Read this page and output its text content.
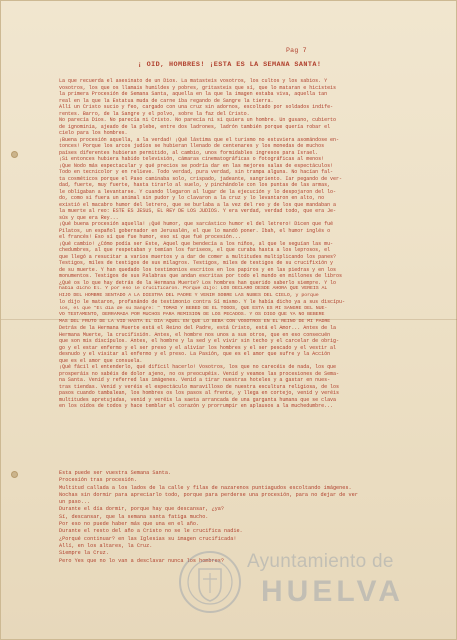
Pag 7
¡ OID, HOMBRES! ¡ESTA ES LA SEMANA SANTA!
La que recuerda el asesinato de un Dios. La matasteis vosotros, los cultos y los sabios. Y
vosotros, los que os llamais humildes y pobres, gritasteis que sí, que lo mataran e hicisteis
la primera Procesión de Semana Santa, aquella en la que la imagen estaba viva, aquella tan
real en la que la Estatua muda de carne iba regando de Sangre la tierra.
Allí un Cristo sucio y feo, cargado con una cruz sin adornos, escoltado por soldados indife-
rentes. Barro, de la Sangre y el polvo, sobre la faz del Cristo.
No parecía Dios. No parecía ni Cristo. No parecía ni si quiera un hombre. Un gusano, cubierto
de ignominia, ajeado de la plebe, entre dos ladrones, ladrón también porque quería robar el
cielo para los hombres.
¡Buena procesión aquella, a la verdad! ¡Qué lástima que el turismo no estuviera asomándose en-
tonces! Porque los arcos judíos se hubieran llenado de centenares y los monedas de muchos
países diferentes hubieran permitido, al cambio, unos formidables ingresos para Israel.
¡Si entonces hubiera habido televisión, cámaras cinematográficas o fotográficas al menos!
¡Que Nodo más espectacular y qué precios se podría dar en las mejores salas de espectáculos!
Todo en tecnicolor y en relieve. Todo verdad, pura verdad, sin trampa alguna. No hacían fal-
ta cosméticos porque el Paso caminaba solo, crispado, jadeante, sangriento. Iar pegando de ver-
dad, fuerte, muy fuerte, hasta tirarlo al suelo, y pinchándole con los puntas de las armas,
le obligaban a levantarse. Y cuando llegaron al lugar de la ejecución y lo despojaron del lo-
do, como si fuera un animal sin pudor y lo clavaron a la cruz y lo levantaron en alto, no
existió el macabro humor del letrero, que se burlaba a la vez del reo y de los que mandaban a
la muerte al reo: ESTE ES JESUS, EL REY DE LOS JUDIOS. Y era verdad, verdad todo, que era Je-
sús y que era Rey...
¡Qué buena procesión aquella! ¡Qué humor, que sarcástico humor el del letrero! Dicen que fué
Pilatos, un español gobernador en Jerusalén, el que lo mandó poner. Ibah, el humor inglés o
el francés! Eso sí que fue humor, eso sí que fué procesión...
¡Qué cambio! ¿Cómo podía ser Este, Aquel que bendecía a los niños, al que le seguían las mu-
chedumbres, al que respetaban y temían los fariseos, el que curaba hasta a los leprosos, el
que llegó a resucitar a varios muertos y a dar de comer a multitudes multiplicando los panes?
Testigos, miles de testigos de sus milagros. Testigos, miles de testigos de su crucifixión y
de su muerte. Y han quedado los testimonios escritos en los papiros y en las piedras y en los
monumentos. Testigos de sus Palabras que andan escritas por todo el mundo en millones de libros
¿Qué os lo que hay detrás de la Hermana Muerte? Los hombres han querido saberlo siempre. Y lo
había dicho El. Y por eso le crucificaron. Porque dijo: LOS DECLARO DESDE AHORA QUE VEREIS AL
HIJO DEL HOMBRE SENTADO A LA DIESTRA DEL PADRE Y VENIR SOBRE LAS NUBES DEL CIELO, y porque
lo dijo le mataron, profanándo de testimonio contra Sí mismo. Y le había dicho ya a sus discípu-
los, el que "El día de su Sangre: " TOMAD Y BEBED DE EL TODOS, QUE ESTA ES MI SANGRE DEL NUE-
VO TESTAMENTO, DERRAMADA POR MUCHOS PARA REMISION DE LOS PECADOS. Y OS DIGO QUE YA NO BEBERE
MAS DEL FRUTO DE LA VID HASTA EL DIA AQUEL EN QUE LO BEBA CON VOSOTROS EN EL REINO DE MI PADRE
Detrás de la Hermana Muerte está el Reino del Padre, está Cristo, está el Amor... Antes de la
Hermana Muerte, la crucifixión. Antes, el hombre nos unos a sus otros, que en eso consecuén
que son mis discípulos. Antes, el hombre y la sed y el vivir sin techo y el carcelar de obrig-
go y el estar enfermo y el ser preso y el alivíar los hombres y el ser pescado y el vestir al
desnudo y el visitar al enfermo y el preso. La Pasión, que es el amor que sufre y la Acción
que es el amor que consuela.
¡Qué fácil el entenderlo, qué difícil hacerlo! Vosotros, los que no carecéis de nada, los que
prosperáis no sabéis de dolor ajeno, no os preocupéis. Venid y veamos las procesiones de Sema-
na Santa. Venid y referred las imágenes. Venid a tirar nuestras hoteles y a gastar en nues-
tras tiendas. Venid y veréis el espectáculo maravilloso de nuestra escultura religiosa, de los
pasos cuando tambalean, los hombres os los pasos al frente, y llega en cortejo, venid y veréis
multitudes apretujadas, venid y veréis la saeta arrancada de una garganta humana que se clava
en los oídos de todos y hace temblar el corazón y prorrumpir en aplausos a la muchedumbre...
Esta puede ser vuestra Semana Santa.
Procesión tras procesión.
Multitud callada a los lados de la calle y filas de nazarenos puntiagudos escoltando imágenes.
Nochas sin dormir para apreciarlo todo, porque para perderse una procesión, para no dejar de ver
un paso...
Durante el día dormir, porque hay que descansar, ¿ya?
Sí, descansar, que la semana santa fatiga mucho.
Por eso no puede haber más que una en el año.
Durante el resto del año a Cristo no se le crucifica nadie.
¿Porqué continuar? en las Iglesias su imagen crucificada!
Allí, en los altares, la Cruz.
Siempre la Cruz.
Pero Yes que no lo van a desclavar nunca los hombres?	Ayuntamiento de
HUELVA
